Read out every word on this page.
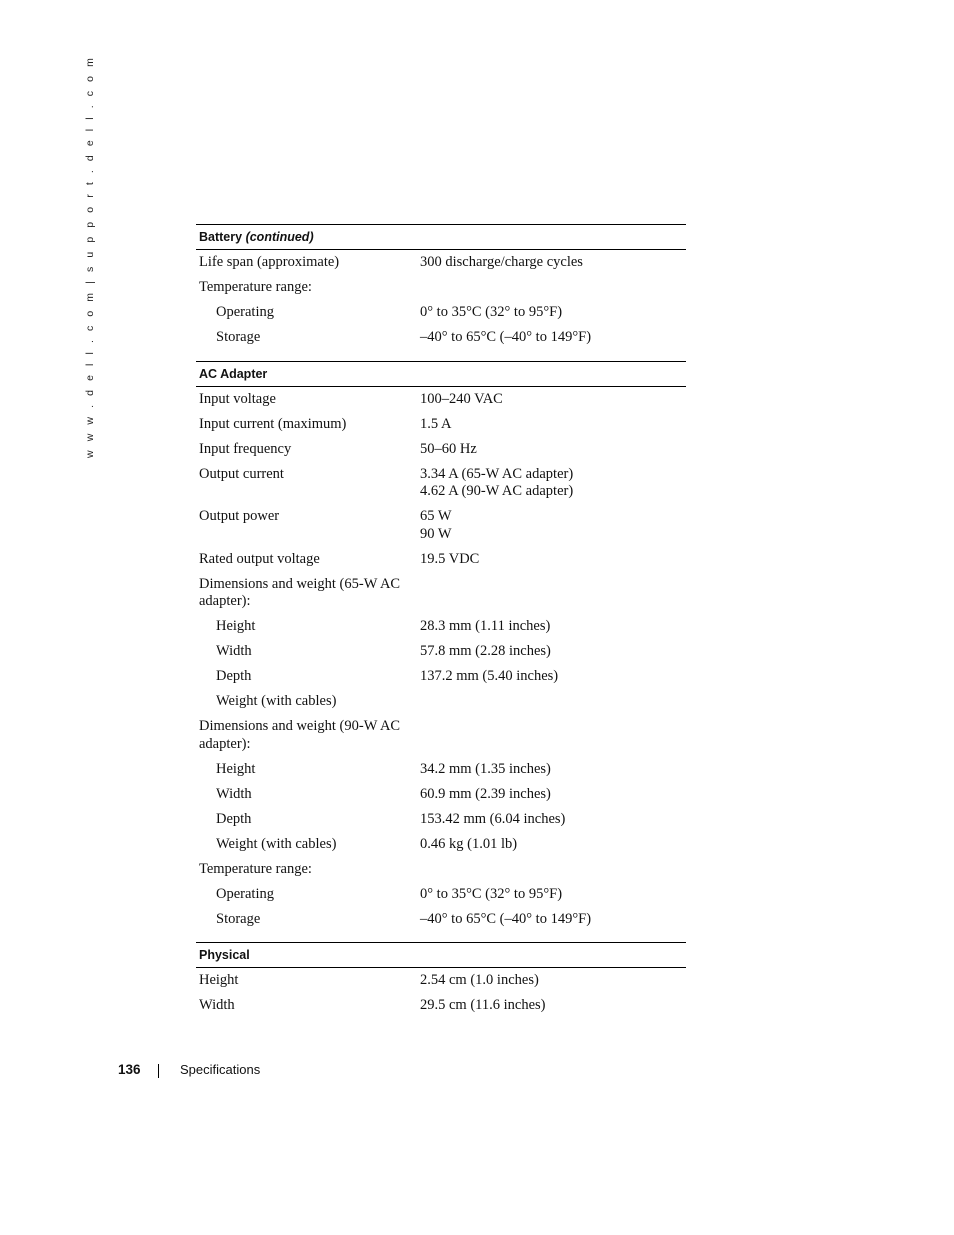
w w w . d e l l . c o m | s u p p o r t . d e l l . c o m	Battery (continued)
Life span (approximate)	300 discharge/charge cycles
Temperature range:
Operating	0° to 35°C (32° to 95°F)
Storage	–40° to 65°C (–40° to 149°F)
AC Adapter
Input voltage	100–240 VAC
Input current (maximum)	1.5 A
Input frequency	50–60 Hz
Output current	3.34 A (65-W AC adapter)
4.62 A (90-W AC adapter)
Output power	65 W
90 W
Rated output voltage	19.5 VDC
Dimensions and weight (65-W AC
adapter):
Height	28.3 mm (1.11 inches)
Width	57.8 mm (2.28 inches)
Depth	137.2 mm (5.40 inches)
Weight (with cables)
Dimensions and weight (90-W AC
adapter):
Height	34.2 mm (1.35 inches)
Width	60.9 mm (2.39 inches)
Depth	153.42 mm (6.04 inches)
Weight (with cables)	0.46 kg (1.01 lb)
Temperature range:
Operating	0° to 35°C (32° to 95°F)
Storage	–40° to 65°C (–40° to 149°F)
Physical
Height	2.54 cm (1.0 inches)
Width	29.5 cm (11.6 inches)
136	Specifications
